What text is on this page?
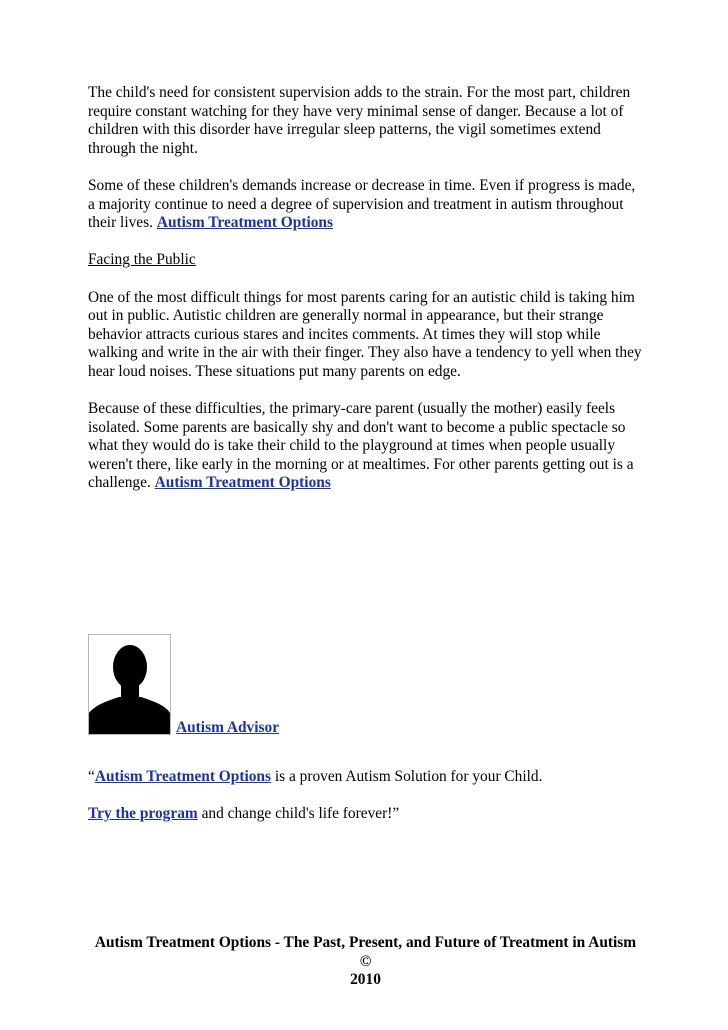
The child's need for consistent supervision adds to the strain. For the most part, children require constant watching for they have very minimal sense of danger. Because a lot of children with this disorder have irregular sleep patterns, the vigil sometimes extend through the night.

Some of these children's demands increase or decrease in time. Even if progress is made, a majority continue to need a degree of supervision and treatment in autism throughout their lives. Autism Treatment Options

Facing the Public

One of the most difficult things for most parents caring for an autistic child is taking him out in public. Autistic children are generally normal in appearance, but their strange behavior attracts curious stares and incites comments. At times they will stop while walking and write in the air with their finger. They also have a tendency to yell when they hear loud noises. These situations put many parents on edge.

Because of these difficulties, the primary-care parent (usually the mother) easily feels isolated. Some parents are basically shy and don't want to become a public spectacle so what they would do is take their child to the playground at times when people usually weren't there, like early in the morning or at mealtimes. For other parents getting out is a challenge. Autism Treatment Options

Autism Advisor

“Autism Treatment Options is a proven Autism Solution for your Child.

Try the program and change child's life forever!”

Autism Treatment Options - The Past, Present, and Future of Treatment in Autism ©
2010
